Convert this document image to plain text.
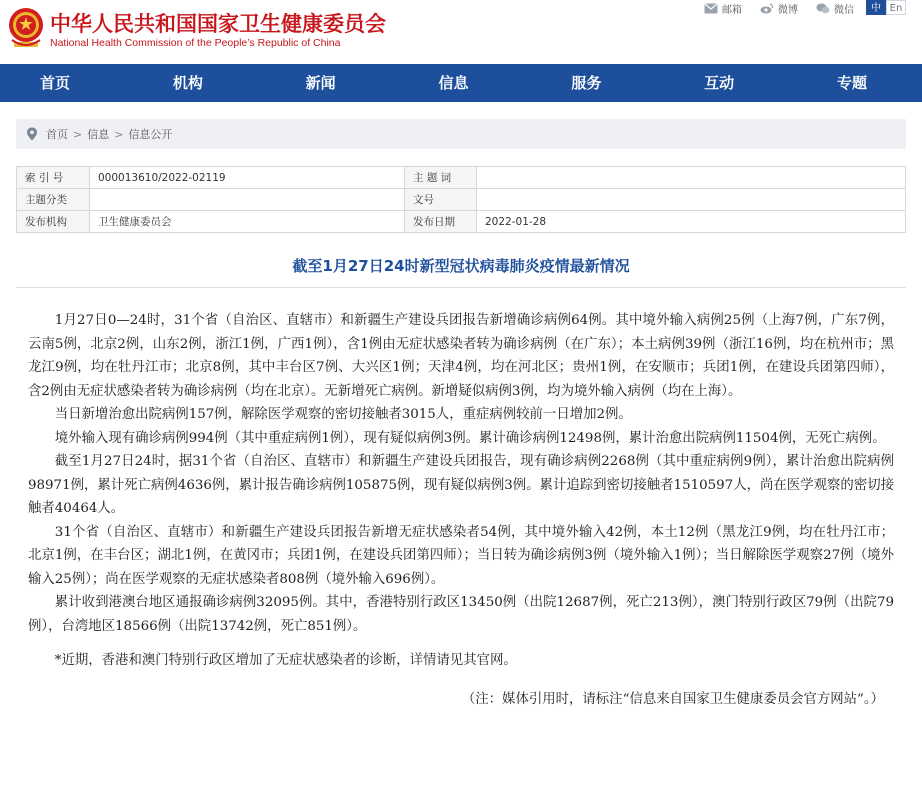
中华人民共和国国家卫生健康委员会
National Health Commission of the People’s Republic of China
邮箱	微博	微信	中 En
首页	机构	新闻	信息	服务	互动	专题
首页 > 信息 > 信息公开
索 引 号	000013610/2022-02119	主 题 词	
主题分类		文号	
发布机构	卫生健康委员会	发布日期	2022-01-28
截至1月27日24时新型冠状病毒肺炎疫情最新情况

1月27日0—24时，31个省（自治区、直辖市）和新疆生产建设兵团报告新增确诊病例64例。其中境外输入病例25例（上海7例，广东7例，云南5例，北京2例，山东2例，浙江1例，广西1例），含1例由无症状感染者转为确诊病例（在广东）；本土病例39例（浙江16例，均在杭州市；黑龙江9例，均在牡丹江市；北京8例，其中丰台区7例、大兴区1例；天津4例，均在河北区；贵州1例，在安顺市；兵团1例，在建设兵团第四师），含2例由无症状感染者转为确诊病例（均在北京）。无新增死亡病例。新增疑似病例3例，均为境外输入病例（均在上海）。

当日新增治愈出院病例157例，解除医学观察的密切接触者3015人，重症病例较前一日增加2例。

境外输入现有确诊病例994例（其中重症病例1例），现有疑似病例3例。累计确诊病例12498例，累计治愈出院病例11504例，无死亡病例。

截至1月27日24时，据31个省（自治区、直辖市）和新疆生产建设兵团报告，现有确诊病例2268例（其中重症病例9例），累计治愈出院病例98971例，累计死亡病例4636例，累计报告确诊病例105875例，现有疑似病例3例。累计追踪到密切接触者1510597人，尚在医学观察的密切接触者40464人。

31个省（自治区、直辖市）和新疆生产建设兵团报告新增无症状感染者54例，其中境外输入42例，本土12例（黑龙江9例，均在牡丹江市；北京1例，在丰台区；湖北1例，在黄冈市；兵团1例，在建设兵团第四师）；当日转为确诊病例3例（境外输入1例）；当日解除医学观察27例（境外输入25例）；尚在医学观察的无症状感染者808例（境外输入696例）。

累计收到港澳台地区通报确诊病例32095例。其中，香港特别行政区13450例（出院12687例，死亡213例），澳门特别行政区79例（出院79例），台湾地区18566例（出院13742例，死亡851例）。

*近期，香港和澳门特别行政区增加了无症状感染者的诊断，详情请见其官网。

（注：媒体引用时，请标注“信息来自国家卫生健康委员会官方网站”。）
